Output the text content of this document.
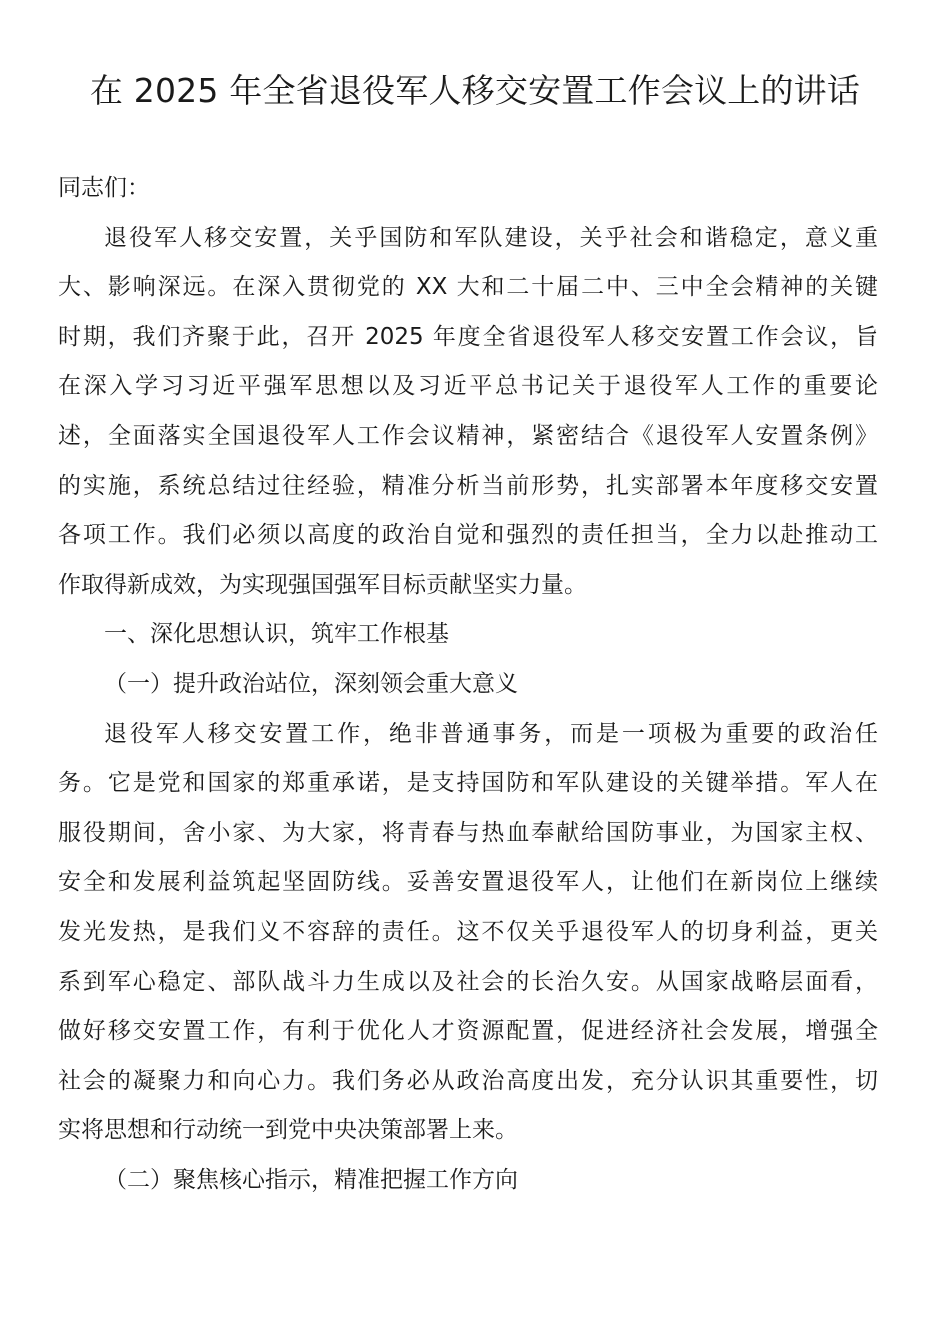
在 2025 年全省退役军人移交安置工作会议上的讲话

同志们：

退役军人移交安置，关乎国防和军队建设，关乎社会和谐稳定，意义重

大、影响深远。在深入贯彻党的 XX 大和二十届二中、三中全会精神的关键

时期，我们齐聚于此，召开 2025 年度全省退役军人移交安置工作会议，旨

在深入学习习近平强军思想以及习近平总书记关于退役军人工作的重要论

述，全面落实全国退役军人工作会议精神，紧密结合《退役军人安置条例》

的实施，系统总结过往经验，精准分析当前形势，扎实部署本年度移交安置

各项工作。我们必须以高度的政治自觉和强烈的责任担当，全力以赴推动工

作取得新成效，为实现强国强军目标贡献坚实力量。

一、深化思想认识，筑牢工作根基

（一）提升政治站位，深刻领会重大意义

退役军人移交安置工作，绝非普通事务，而是一项极为重要的政治任

务。它是党和国家的郑重承诺，是支持国防和军队建设的关键举措。军人在

服役期间，舍小家、为大家，将青春与热血奉献给国防事业，为国家主权、

安全和发展利益筑起坚固防线。妥善安置退役军人，让他们在新岗位上继续

发光发热，是我们义不容辞的责任。这不仅关乎退役军人的切身利益，更关

系到军心稳定、部队战斗力生成以及社会的长治久安。从国家战略层面看，

做好移交安置工作，有利于优化人才资源配置，促进经济社会发展，增强全

社会的凝聚力和向心力。我们务必从政治高度出发，充分认识其重要性，切

实将思想和行动统一到党中央决策部署上来。

（二）聚焦核心指示，精准把握工作方向
